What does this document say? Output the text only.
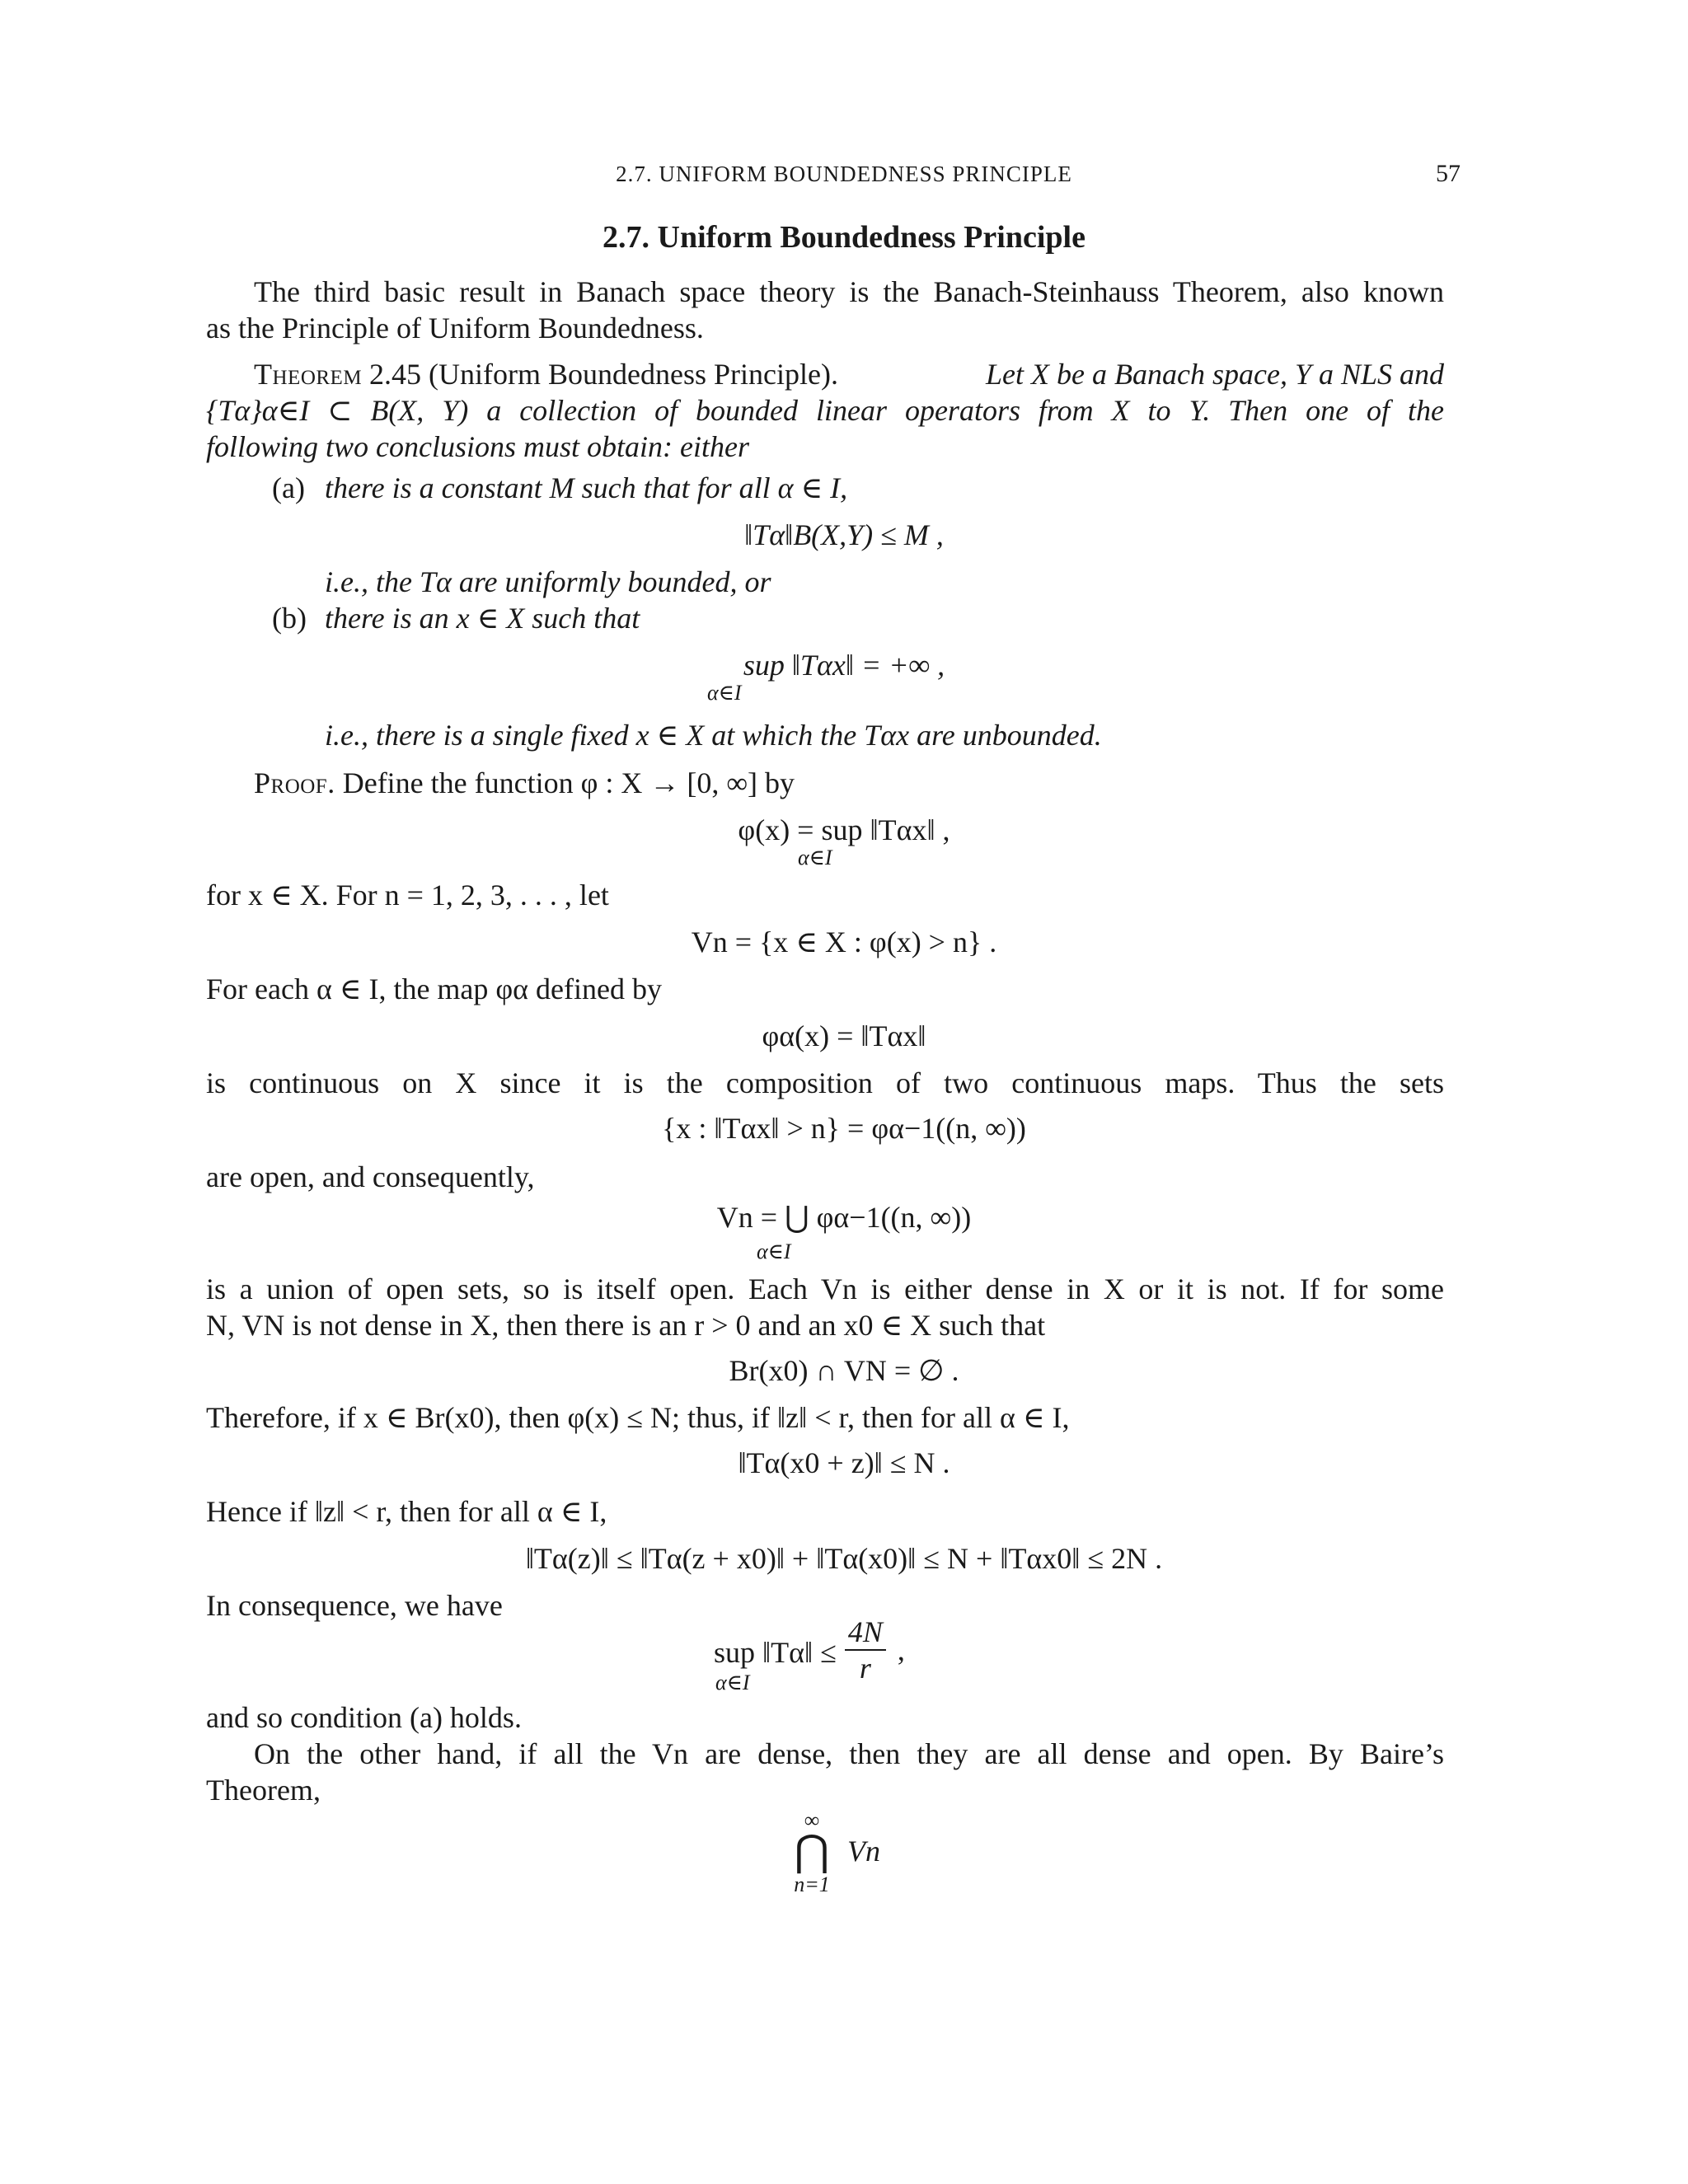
2.7. UNIFORM BOUNDEDNESS PRINCIPLE	57
2.7. Uniform Boundedness Principle
The third basic result in Banach space theory is the Banach-Steinhauss Theorem, also known
as the Principle of Uniform Boundedness.
Theorem 2.45 (Uniform Boundedness Principle).	Let X be a Banach space, Y a NLS and
{Tα}α∈I ⊂ B(X, Y) a collection of bounded linear operators from X to Y. Then one of the
following two conclusions must obtain: either
(a) there is a constant M such that for all α ∈ I,
‖Tα‖B(X,Y) ≤ M ,
i.e., the Tα are uniformly bounded, or
(b) there is an x ∈ X such that
sup ‖Tαx‖ = +∞ ,
α∈I
i.e., there is a single fixed x ∈ X at which the Tαx are unbounded.
Proof. Define the function φ : X → [0, ∞] by
φ(x) = sup ‖Tαx‖ ,
α∈I
for x ∈ X. For n = 1, 2, 3, . . . , let
Vn = {x ∈ X : φ(x) > n} .
For each α ∈ I, the map φα defined by
φα(x) = ‖Tαx‖
is continuous on X since it is the composition of two continuous maps. Thus the sets
{x : ‖Tαx‖ > n} = φα−1((n, ∞))
are open, and consequently,
Vn = ⋃ φα−1((n, ∞))
α∈I
is a union of open sets, so is itself open. Each Vn is either dense in X or it is not. If for some
N, VN is not dense in X, then there is an r > 0 and an x0 ∈ X such that
Br(x0) ∩ VN = ∅ .
Therefore, if x ∈ Br(x0), then φ(x) ≤ N; thus, if ‖z‖ < r, then for all α ∈ I,
‖Tα(x0 + z)‖ ≤ N .
Hence if ‖z‖ < r, then for all α ∈ I,
‖Tα(z)‖ ≤ ‖Tα(z + x0)‖ + ‖Tα(x0)‖ ≤ N + ‖Tαx0‖ ≤ 2N .
In consequence, we have
sup ‖Tα‖ ≤
α∈I	$\frac{4N}{r}$ ,
and so condition (a) holds.
On the other hand, if all the Vn are dense, then they are all dense and open. By Baire’s
Theorem,
∞
⋂
n=1
Vn
